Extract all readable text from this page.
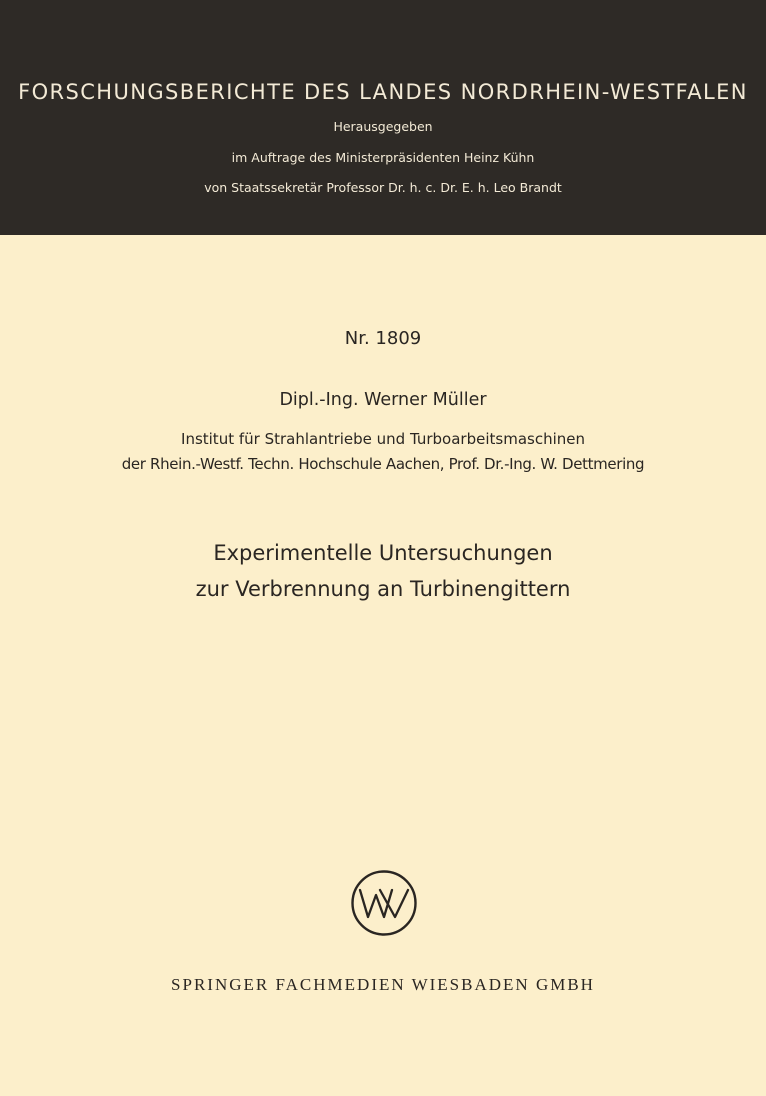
FORSCHUNGSBERICHTE DES LANDES NORDRHEIN-WESTFALEN
Herausgegeben
im Auftrage des Ministerpräsidenten Heinz Kühn
von Staatssekretär Professor Dr. h. c. Dr. E. h. Leo Brandt
Nr. 1809
Dipl.-Ing. Werner Müller
Institut für Strahlantriebe und Turboarbeitsmaschinen
der Rhein.-Westf. Techn. Hochschule Aachen, Prof. Dr.-Ing. W. Dettmering
Experimentelle Untersuchungen
zur Verbrennung an Turbinengittern
SPRINGER FACHMEDIEN WIESBADEN GMBH
